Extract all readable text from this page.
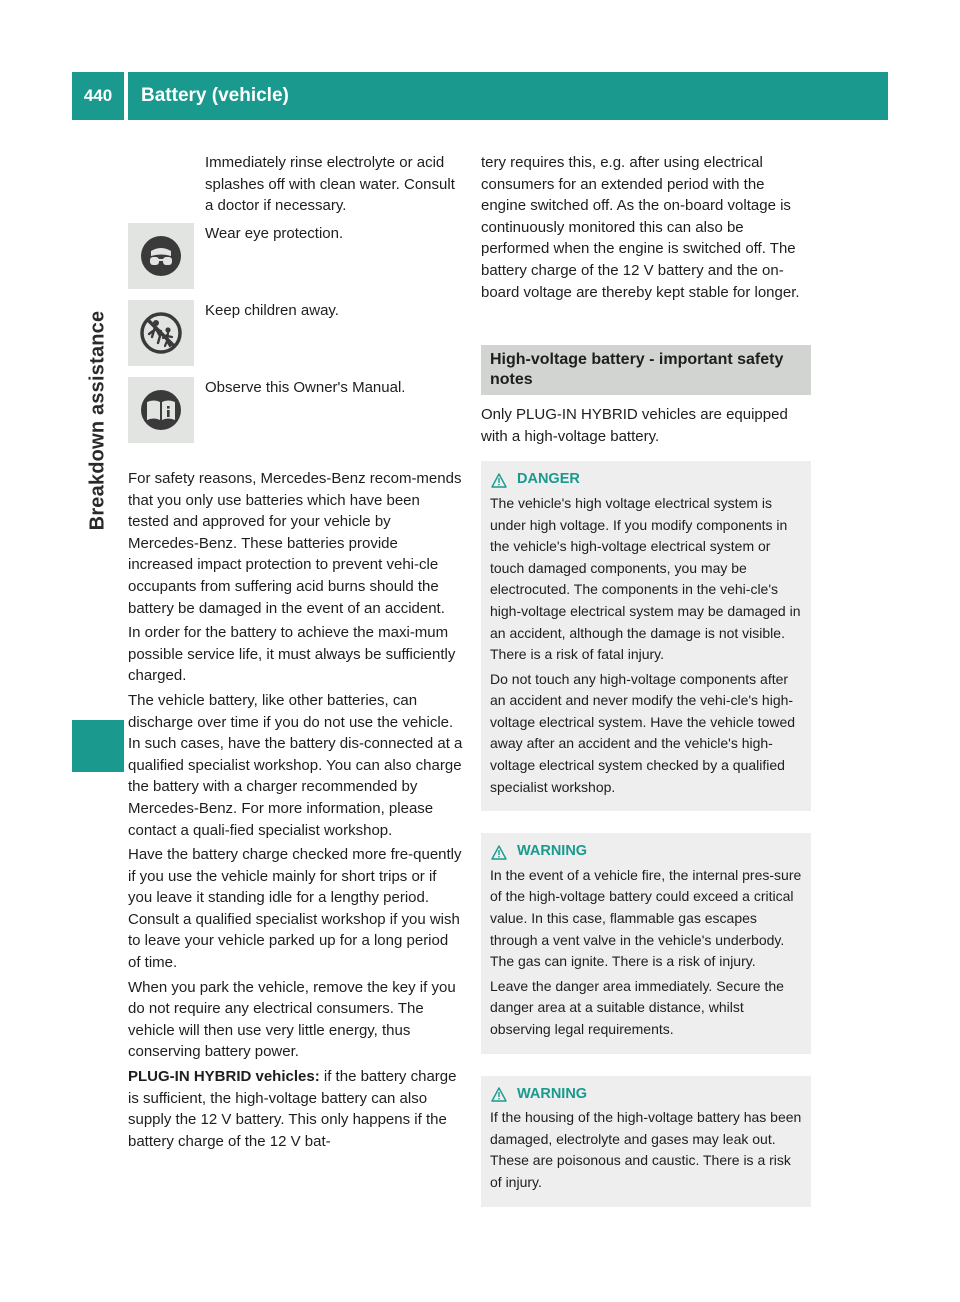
440	Battery (vehicle)
Breakdown assistance
Immediately rinse electrolyte or acid splashes off with clean water. Consult a doctor if necessary.
Wear eye protection.
Keep children away.
Observe this Owner's Manual.

For safety reasons, Mercedes-Benz recom-mends that you only use batteries which have been tested and approved for your vehicle by Mercedes-Benz. These batteries provide increased impact protection to prevent vehi-cle occupants from suffering acid burns should the battery be damaged in the event of an accident.

In order for the battery to achieve the maxi-mum possible service life, it must always be sufficiently charged.

The vehicle battery, like other batteries, can discharge over time if you do not use the vehicle. In such cases, have the battery dis-connected at a qualified specialist workshop. You can also charge the battery with a charger recommended by Mercedes-Benz. For more information, please contact a quali-fied specialist workshop.

Have the battery charge checked more fre-quently if you use the vehicle mainly for short trips or if you leave it standing idle for a lengthy period. Consult a qualified specialist workshop if you wish to leave your vehicle parked up for a long period of time.

When you park the vehicle, remove the key if you do not require any electrical consumers. The vehicle will then use very little energy, thus conserving battery power.

PLUG-IN HYBRID vehicles: if the battery charge is sufficient, the high-voltage battery can also supply the 12 V battery. This only happens if the battery charge of the 12 V bat-

tery requires this, e.g. after using electrical consumers for an extended period with the engine switched off. As the on-board voltage is continuously monitored this can also be performed when the engine is switched off. The battery charge of the 12 V battery and the on-board voltage are thereby kept stable for longer.

High-voltage battery - important safety notes

Only PLUG-IN HYBRID vehicles are equipped with a high-voltage battery.

DANGER

The vehicle's high voltage electrical system is under high voltage. If you modify components in the vehicle's high-voltage electrical system or touch damaged components, you may be electrocuted. The components in the vehi-cle's high-voltage electrical system may be damaged in an accident, although the damage is not visible. There is a risk of fatal injury.

Do not touch any high-voltage components after an accident and never modify the vehi-cle's high-voltage electrical system. Have the vehicle towed away after an accident and the vehicle's high-voltage electrical system checked by a qualified specialist workshop.

WARNING

In the event of a vehicle fire, the internal pres-sure of the high-voltage battery could exceed a critical value. In this case, flammable gas escapes through a vent valve in the vehicle's underbody. The gas can ignite. There is a risk of injury.

Leave the danger area immediately. Secure the danger area at a suitable distance, whilst observing legal requirements.

WARNING

If the housing of the high-voltage battery has been damaged, electrolyte and gases may leak out. These are poisonous and caustic. There is a risk of injury.
